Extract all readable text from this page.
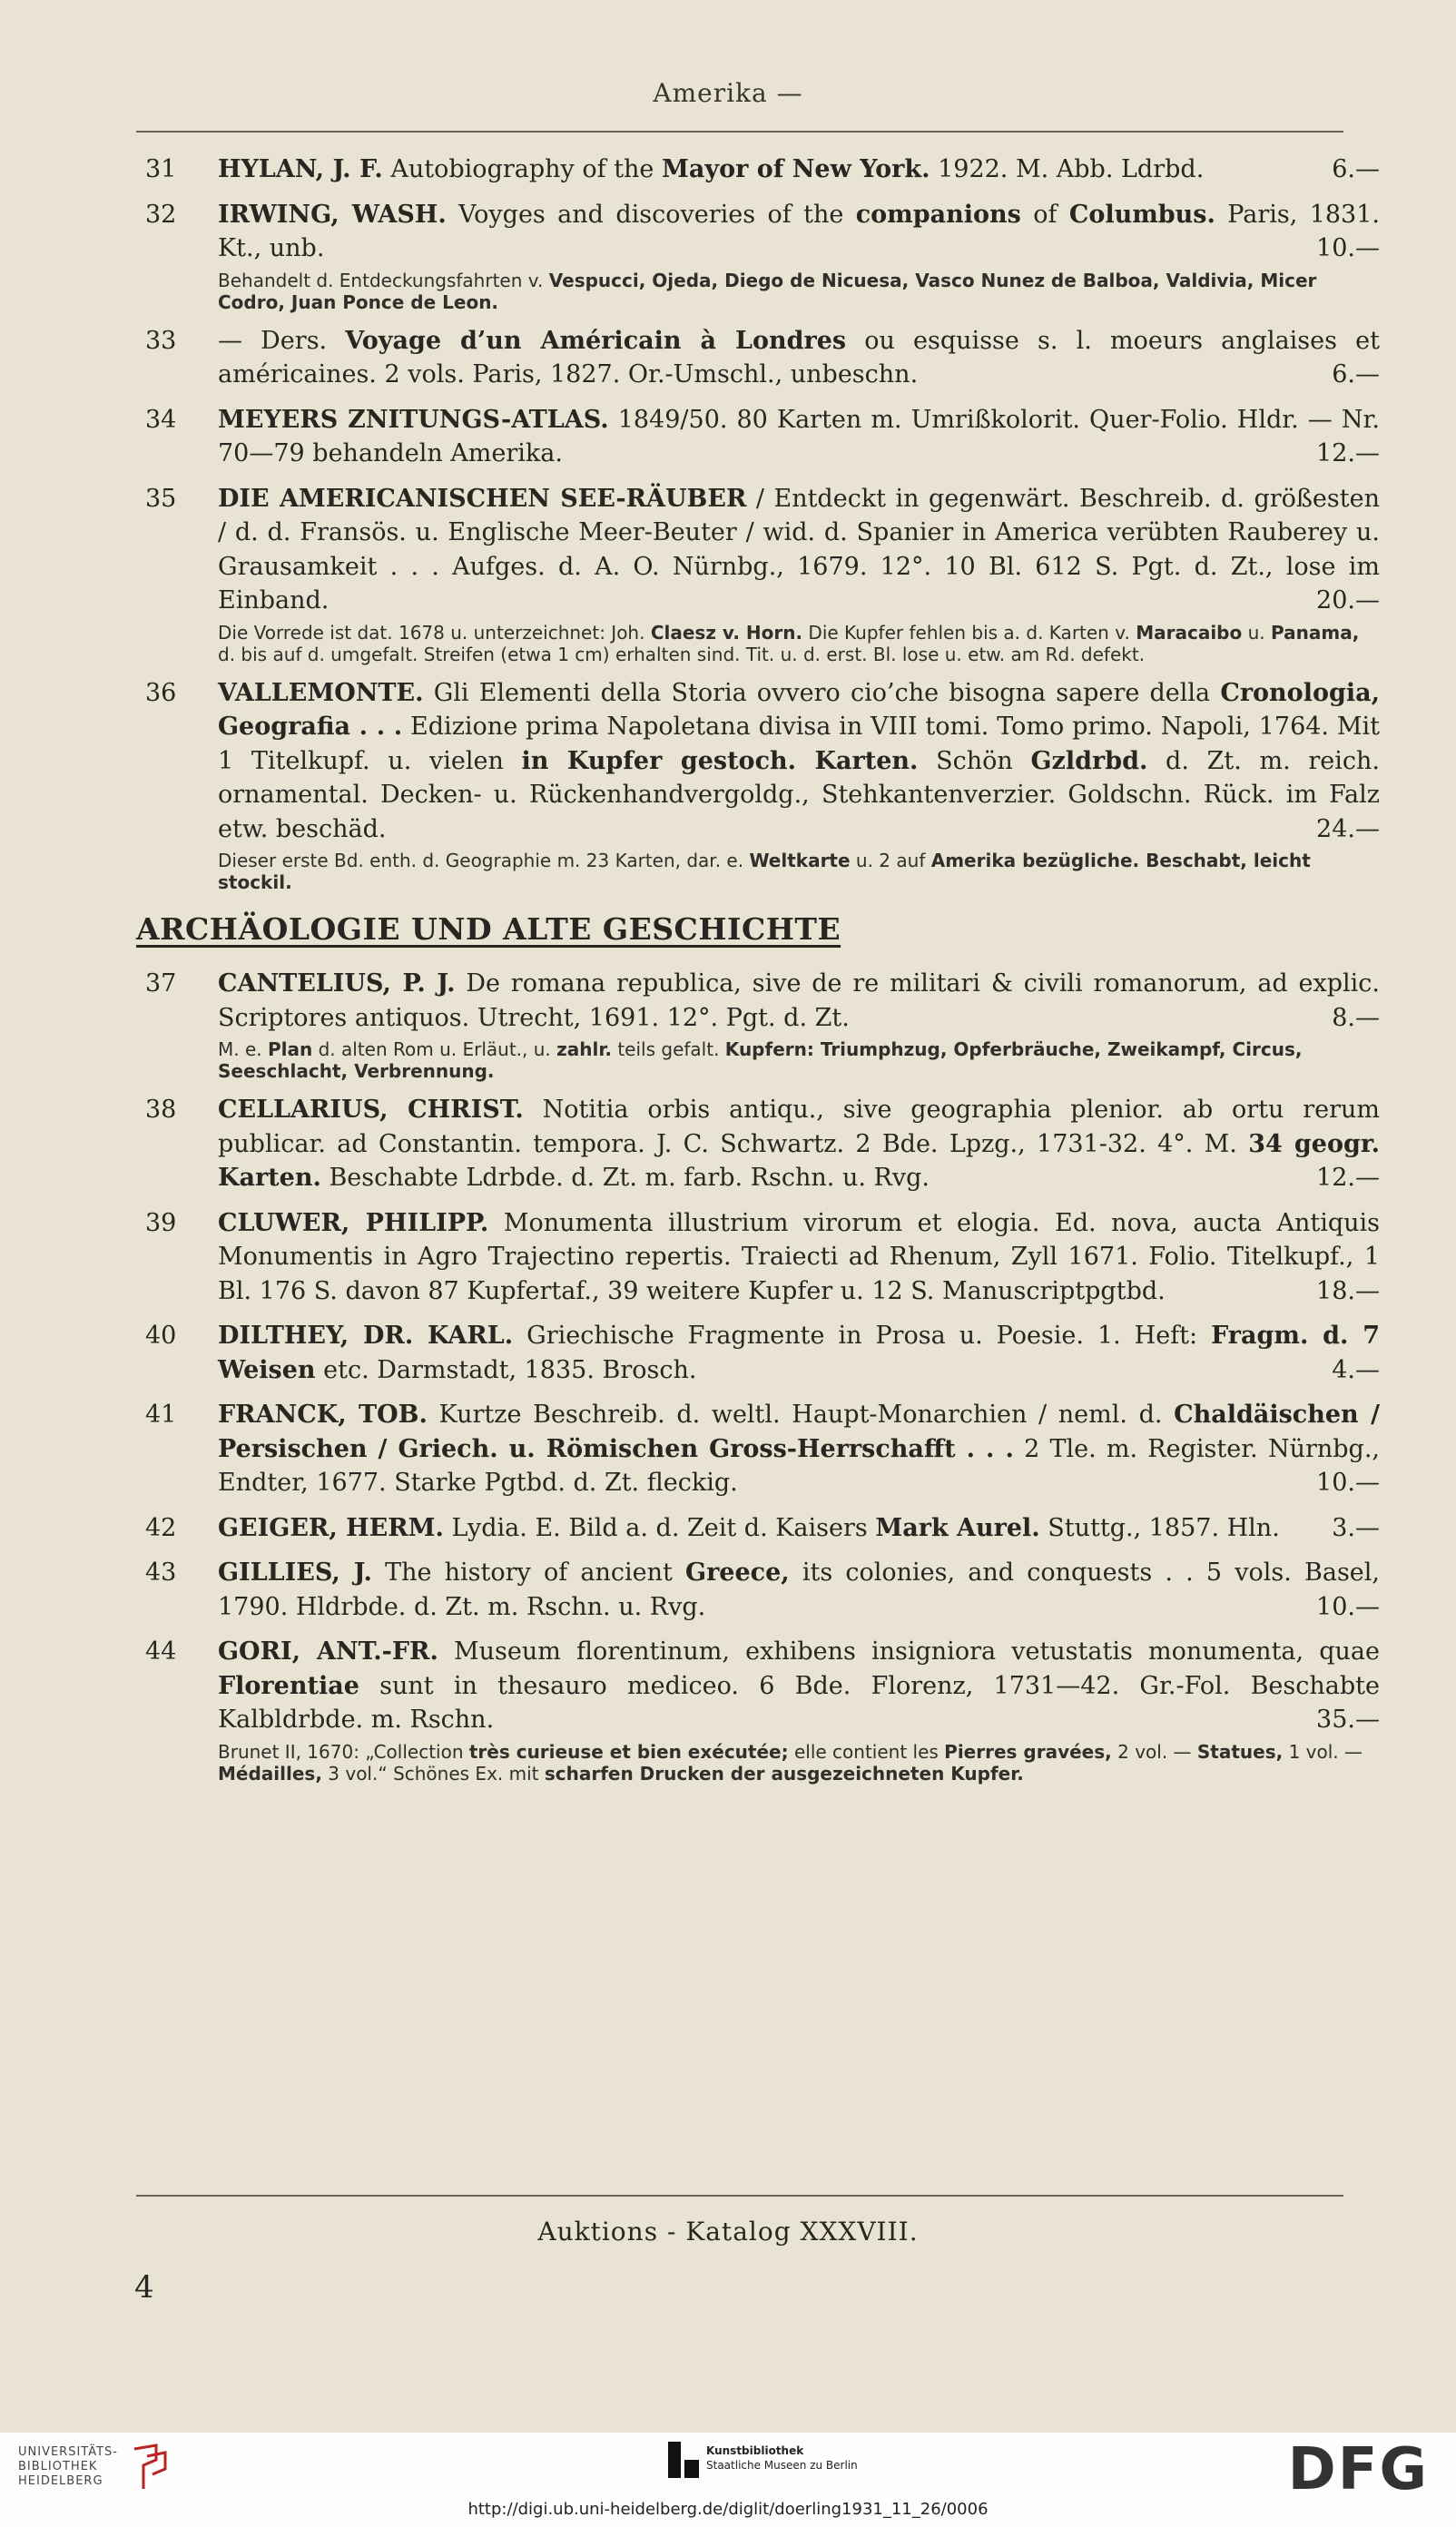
Amerika —
31	HYLAN, J. F. Autobiography of the Mayor of New York. 1922. M. Abb. Ldrbd.	6.—
32	IRWING, WASH. Voyges and discoveries of the companions of Columbus. Paris, 1831. Kt., unb.	10.—
Behandelt d. Entdeckungsfahrten v. Vespucci, Ojeda, Diego de Nicuesa, Vasco Nunez de Balboa, Valdivia, Micer Codro, Juan Ponce de Leon.
33	— Ders. Voyage d’un Américain à Londres ou esquisse s. l. moeurs anglaises et américaines. 2 vols. Paris, 1827. Or.-Umschl., unbeschn.	6.—
34	MEYERS ZNITUNGS-ATLAS. 1849/50. 80 Karten m. Umrißkolorit. Quer-Folio. Hldr. — Nr. 70—79 behandeln Amerika.	12.—
35	DIE AMERICANISCHEN SEE-RÄUBER / Entdeckt in gegenwärt. Beschreib. d. größesten / d. d. Fransös. u. Englische Meer-Beuter / wid. d. Spanier in America verübten Rauberey u. Grausamkeit . . . Aufges. d. A. O. Nürnbg., 1679. 12°. 10 Bl. 612 S. Pgt. d. Zt., lose im Einband.	20.—
Die Vorrede ist dat. 1678 u. unterzeichnet: Joh. Claesz v. Horn. Die Kupfer fehlen bis a. d. Karten v. Maracaibo u. Panama, d. bis auf d. umgefalt. Streifen (etwa 1 cm) erhalten sind. Tit. u. d. erst. Bl. lose u. etw. am Rd. defekt.
36	VALLEMONTE. Gli Elementi della Storia ovvero cio’che bisogna sapere della Cronologia, Geografia . . . Edizione prima Napoletana divisa in VIII tomi. Tomo primo. Napoli, 1764. Mit 1 Titelkupf. u. vielen in Kupfer gestoch. Karten. Schön Gzldrbd. d. Zt. m. reich. ornamental. Decken- u. Rückenhandvergoldg., Stehkantenverzier. Goldschn. Rück. im Falz etw. beschäd.	24.—
Dieser erste Bd. enth. d. Geographie m. 23 Karten, dar. e. Weltkarte u. 2 auf Amerika bezügliche. Beschabt, leicht stockil.
ARCHÄOLOGIE UND ALTE GESCHICHTE
37	CANTELIUS, P. J. De romana republica, sive de re militari & civili romanorum, ad explic. Scriptores antiquos. Utrecht, 1691. 12°. Pgt. d. Zt.	8.—
M. e. Plan d. alten Rom u. Erläut., u. zahlr. teils gefalt. Kupfern: Triumphzug, Opferbräuche, Zweikampf, Circus, Seeschlacht, Verbrennung.
38	CELLARIUS, CHRIST. Notitia orbis antiqu., sive geographia plenior. ab ortu rerum publicar. ad Constantin. tempora. J. C. Schwartz. 2 Bde. Lpzg., 1731-32. 4°. M. 34 geogr. Karten. Beschabte Ldrbde. d. Zt. m. farb. Rschn. u. Rvg.	12.—
39	CLUWER, PHILIPP. Monumenta illustrium virorum et elogia. Ed. nova, aucta Antiquis Monumentis in Agro Trajectino repertis. Traiecti ad Rhenum, Zyll 1671. Folio. Titelkupf., 1 Bl. 176 S. davon 87 Kupfertaf., 39 weitere Kupfer u. 12 S. Manuscriptpgtbd.	18.—
40	DILTHEY, DR. KARL. Griechische Fragmente in Prosa u. Poesie. 1. Heft: Fragm. d. 7 Weisen etc. Darmstadt, 1835. Brosch.	4.—
41	FRANCK, TOB. Kurtze Beschreib. d. weltl. Haupt-Monarchien / neml. d. Chaldäischen / Persischen / Griech. u. Römischen Gross-Herrschafft . . . 2 Tle. m. Register. Nürnbg., Endter, 1677. Starke Pgtbd. d. Zt. fleckig.	10.—
42	GEIGER, HERM. Lydia. E. Bild a. d. Zeit d. Kaisers Mark Aurel. Stuttg., 1857. Hln. 3.—
43	GILLIES, J. The history of ancient Greece, its colonies, and conquests . . 5 vols. Basel, 1790. Hldrbde. d. Zt. m. Rschn. u. Rvg.	10.—
44	GORI, ANT.-FR. Museum florentinum, exhibens insigniora vetustatis monumenta, quae Florentiae sunt in thesauro mediceo. 6 Bde. Florenz, 1731—42. Gr.-Fol. Beschabte Kalbldrbde. m. Rschn.	35.—
Brunet II, 1670: „Collection très curieuse et bien exécutée; elle contient les Pierres gravées, 2 vol. — Statues, 1 vol. — Médailles, 3 vol.“ Schönes Ex. mit scharfen Drucken der ausgezeichneten Kupfer.
Auktions - Katalog XXXVIII.
4
UNIVERSITÄTS-
BIBLIOTHEK
HEIDELBERG
Kunstbibliothek
Staatliche Museen zu Berlin	DFG
http://digi.ub.uni-heidelberg.de/diglit/doerling1931_11_26/0006
